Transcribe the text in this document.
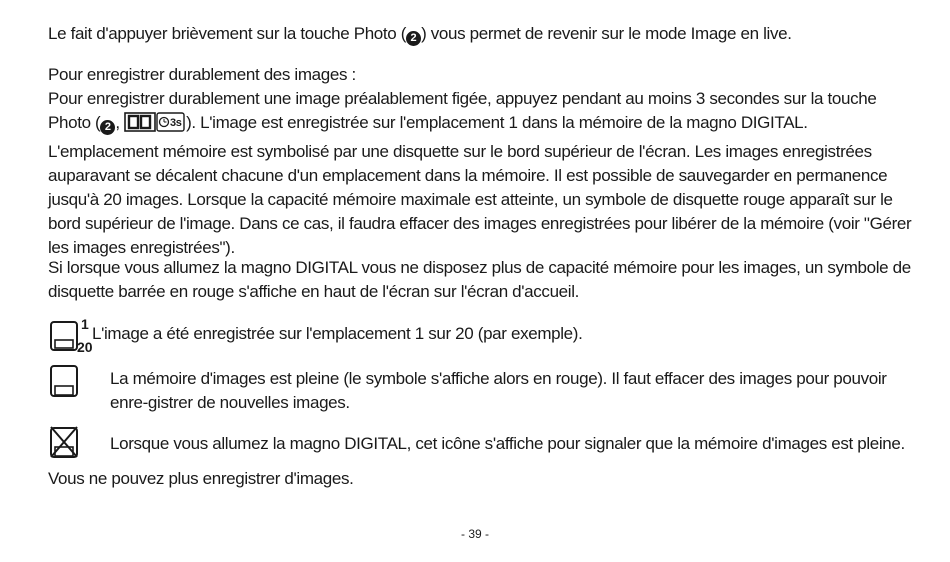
Le fait d'appuyer brièvement sur la touche Photo ( 2 ) vous permet de revenir sur le mode Image en live.

Pour enregistrer durablement des images :
Pour enregistrer durablement une image préalablement figée, appuyez pendant au moins 3 secondes sur la touche Photo ( 2 ,	3s ). L'image est enregistrée sur l'emplacement 1 dans la mémoire de la magno DIGITAL. L'emplacement mémoire est symbolisé par une disquette sur le bord supérieur de l'écran. Les images enregistrées auparavant se décalent chacune d'un emplacement dans la mémoire. Il est possible de sauvegarder en permanence jusqu'à 20 images. Lorsque la capacité mémoire maximale est atteinte, un symbole de disquette rouge apparaît sur le bord supérieur de l'image. Dans ce cas, il faudra effacer des images enregistrées pour libérer de la mémoire (voir "Gérer les images enregistrées").

Si lorsque vous allumez la magno DIGITAL vous ne disposez plus de capacité mémoire pour les images, un symbole de disquette barrée en rouge s'affiche en haut de l'écran sur l'écran d'accueil.

1
20

L'image a été enregistrée sur l'emplacement 1 sur 20 (par exemple).

La mémoire d'images est pleine (le symbole s'affiche alors en rouge). Il faut effacer des images pour pouvoir enre-gistrer de nouvelles images.

Lorsque vous allumez la magno DIGITAL, cet icône s'affiche pour signaler que la mémoire d'images est pleine.

Vous ne pouvez plus enregistrer d'images.

- 39 -
